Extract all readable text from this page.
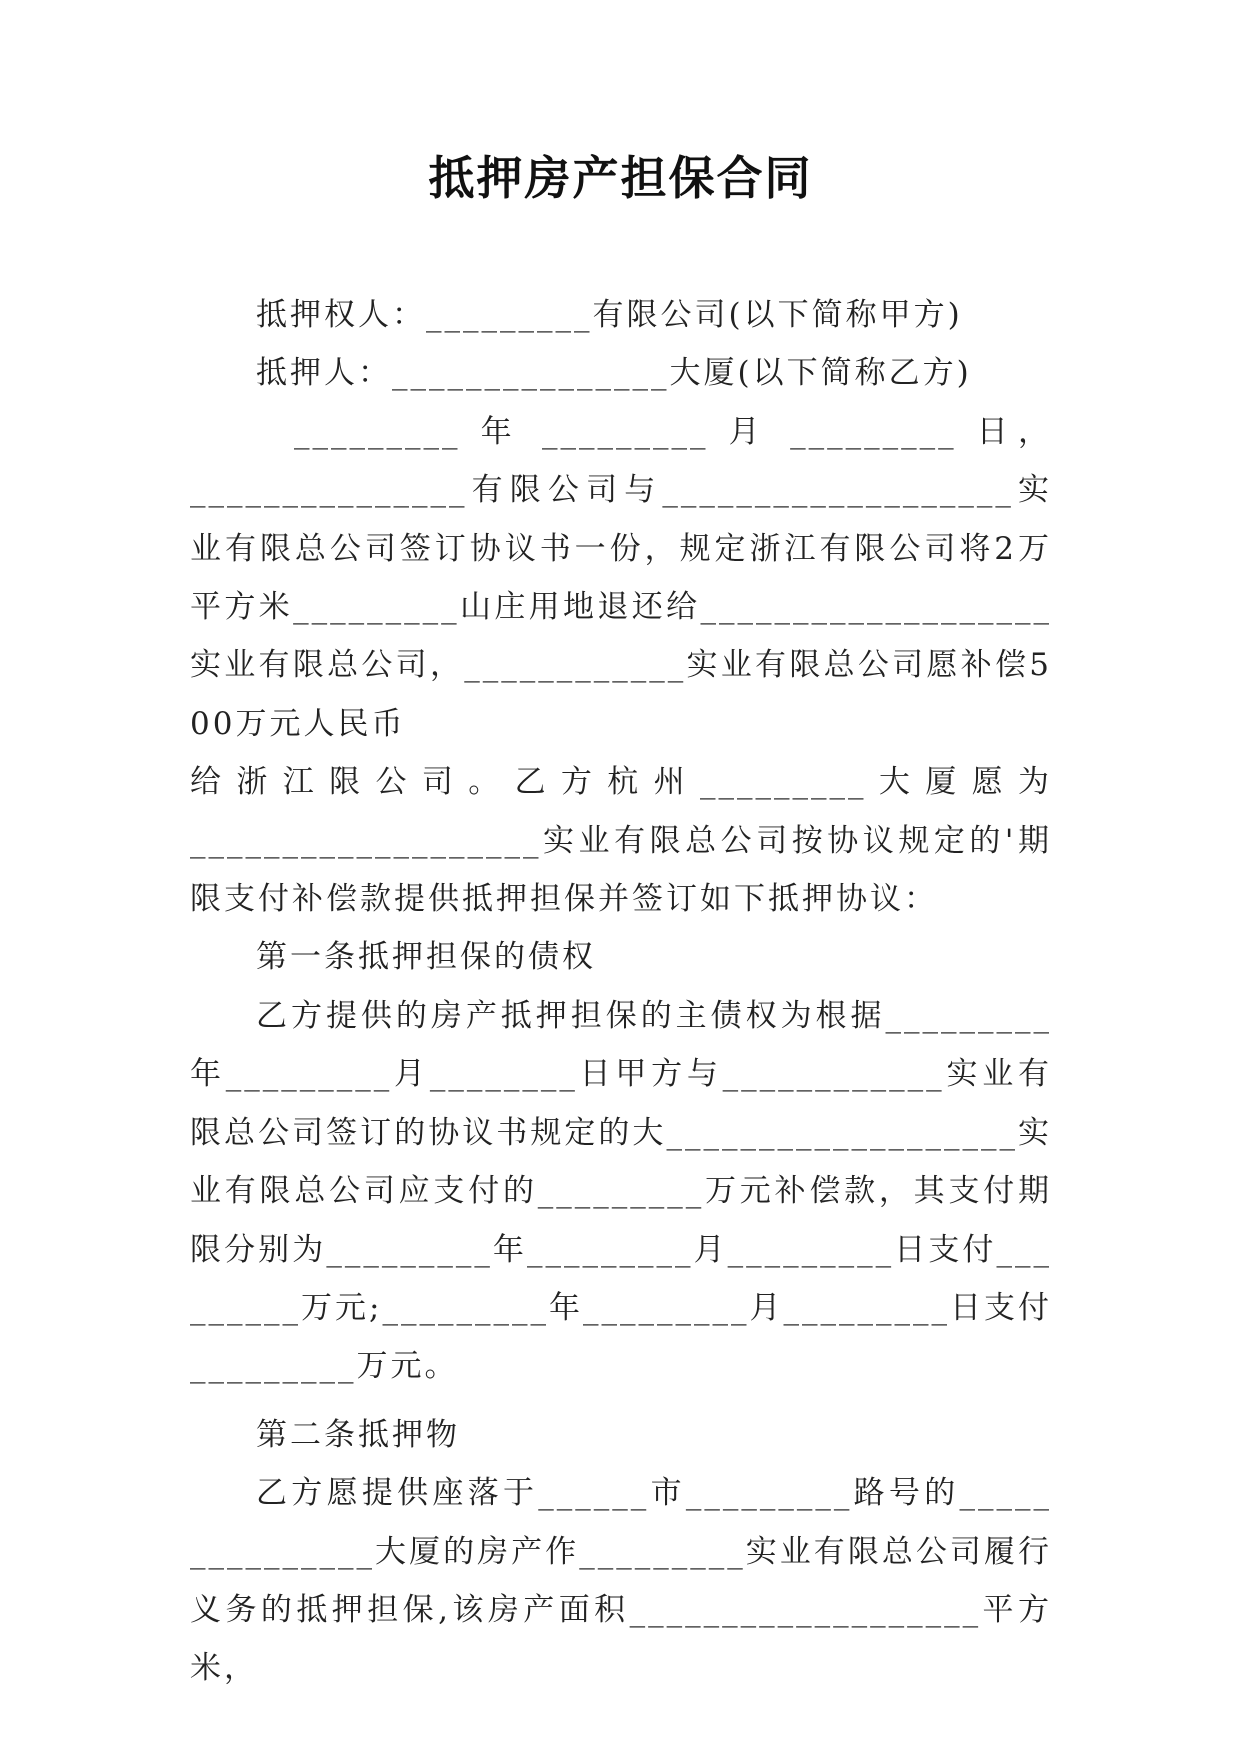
抵押房产担保合同

抵押权人：_________有限公司(以下简称甲方)

抵押人：_______________大厦(以下简称乙方)

_________ 年 _________ 月 _________ 日，

_______________有限公司与___________________实业有限总公司签订协议书一份，规定浙江有限公司将2万平方米_________山庄用地退还给___________________实业有限总公司，____________实业有限总公司愿补偿500万元人民币

给浙江限公司。乙方杭州_________大厦愿为

___________________实业有限总公司按协议规定的'期限支付补偿款提供抵押担保并签订如下抵押协议：

第一条抵押担保的债权

乙方提供的房产抵押担保的主债权为根据_________年_________月________日甲方与____________实业有限总公司签订的协议书规定的大___________________实业有限总公司应支付的_________万元补偿款，其支付期限分别为_________年_________月_________日支付_________万元;_________年_________月_________日支付_________万元。

第二条抵押物

乙方愿提供座落于______市_________路号的_______________大厦的房产作_________实业有限总公司履行义务的抵押担保,该房产面积___________________平方米，
